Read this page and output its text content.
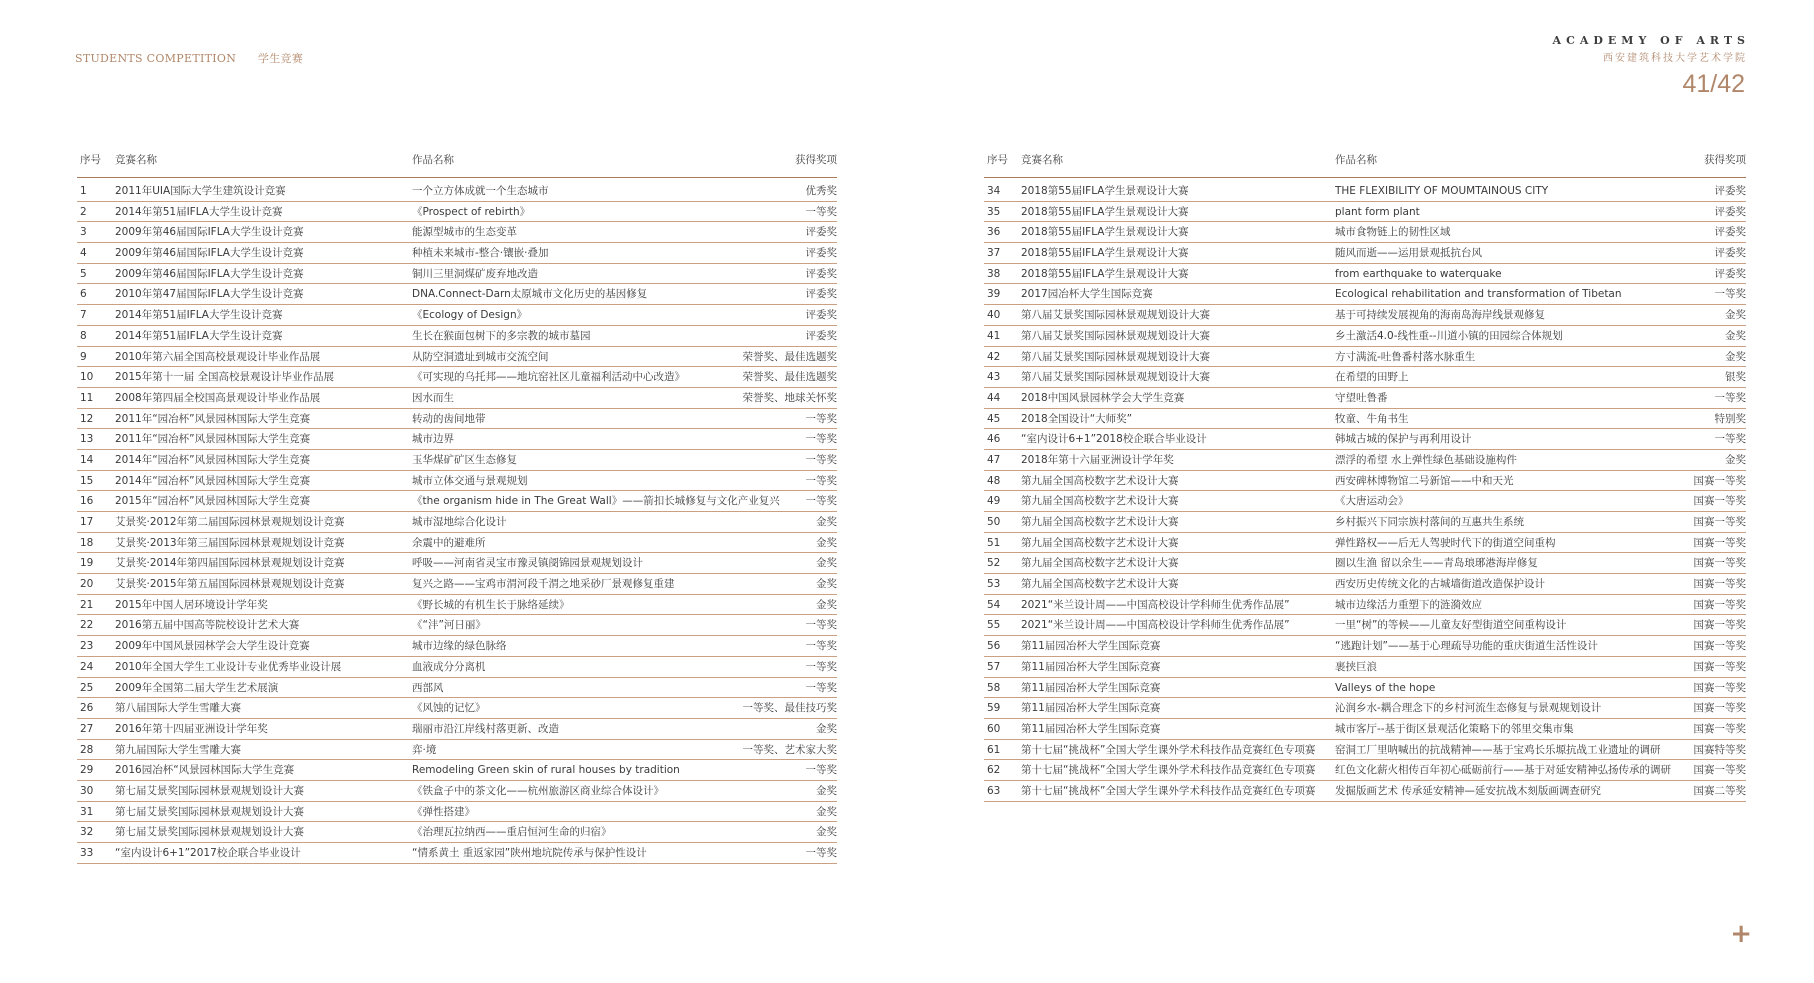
STUDENTS COMPETITION 学生竞赛
ACADEMY OF ARTS
西安建筑科技大学艺术学院
41/42
序号	竞赛名称	作品名称	获得奖项
1	2011年UIA国际大学生建筑设计竞赛	一个立方体成就一个生态城市	优秀奖
2	2014年第51届IFLA大学生设计竞赛	《Prospect of rebirth》	一等奖
3	2009年第46届国际IFLA大学生设计竞赛	能源型城市的生态变革	评委奖
4	2009年第46届国际IFLA大学生设计竞赛	种植未来城市-整合·镶嵌·叠加	评委奖
5	2009年第46届国际IFLA大学生设计竞赛	铜川三里洞煤矿废弃地改造	评委奖
6	2010年第47届国际IFLA大学生设计竞赛	DNA.Connect-Darn太原城市文化历史的基因修复	评委奖
7	2014年第51届IFLA大学生设计竞赛	《Ecology of Design》	评委奖
8	2014年第51届IFLA大学生设计竞赛	生长在猴面包树下的多宗教的城市墓园	评委奖
9	2010年第六届全国高校景观设计毕业作品展	从防空洞遗址到城市交流空间	荣誉奖、最佳选题奖
10	2015年第十一届 全国高校景观设计毕业作品展	《可实现的乌托邦——地坑窑社区儿童福利活动中心改造》	荣誉奖、最佳选题奖
11	2008年第四届全校国高景观设计毕业作品展	因水而生	荣誉奖、地球关怀奖
12	2011年“园冶杯”风景园林国际大学生竞赛	转动的齿间地带	一等奖
13	2011年“园冶杯”风景园林国际大学生竞赛	城市边界	一等奖
14	2014年“园冶杯”风景园林国际大学生竞赛	玉华煤矿矿区生态修复	一等奖
15	2014年“园冶杯”风景园林国际大学生竞赛	城市立体交通与景观规划	一等奖
16	2015年“园冶杯”风景园林国际大学生竞赛	《the organism hide in The Great Wall》——箭扣长城修复与文化产业复兴	一等奖
17	艾景奖·2012年第二届国际园林景观规划设计竞赛	城市湿地综合化设计	金奖
18	艾景奖·2013年第三届国际园林景观规划设计竞赛	余震中的避难所	金奖
19	艾景奖·2014年第四届国际园林景观规划设计竞赛	呼吸——河南省灵宝市豫灵镇阌锦园景观规划设计	金奖
20	艾景奖·2015年第五届国际园林景观规划设计竞赛	复兴之路——宝鸡市渭河段千渭之地采砂厂景观修复重建	金奖
21	2015年中国人居环境设计学年奖	《野长城的有机生长于脉络延续》	金奖
22	2016第五届中国高等院校设计艺术大赛	《“沣”河日丽》	一等奖
23	2009年中国风景园林学会大学生设计竞赛	城市边缘的绿色脉络	一等奖
24	2010年全国大学生工业设计专业优秀毕业设计展	血液成分分离机	一等奖
25	2009年全国第二届大学生艺术展演	西部风	一等奖
26	第八届国际大学生雪雕大赛	《风蚀的记忆》	一等奖、最佳技巧奖
27	2016年第十四届亚洲设计学年奖	瑞丽市沿江岸线村落更新、改造	金奖
28	第九届国际大学生雪雕大赛	弈·境	一等奖、艺术家大奖
29	2016园冶杯“风景园林国际大学生竞赛	Remodeling Green skin of rural houses by tradition	一等奖
30	第七届艾景奖国际园林景观规划设计大赛	《铁盒子中的茶文化——杭州旅游区商业综合体设计》	金奖
31	第七届艾景奖国际园林景观规划设计大赛	《弹性搭建》	金奖
32	第七届艾景奖国际园林景观规划设计大赛	《治理瓦拉纳西——重启恒河生命的归宿》	金奖
33	“室内设计6+1”2017校企联合毕业设计	“情系黄土 重返家园”陕州地坑院传承与保护性设计	一等奖
序号	竞赛名称	作品名称	获得奖项
34	2018第55届IFLA学生景观设计大赛	THE FLEXIBILITY OF MOUMTAINOUS CITY	评委奖
35	2018第55届IFLA学生景观设计大赛	plant form plant	评委奖
36	2018第55届IFLA学生景观设计大赛	城市食物链上的韧性区域	评委奖
37	2018第55届IFLA学生景观设计大赛	随风而逝——运用景观抵抗台风	评委奖
38	2018第55届IFLA学生景观设计大赛	from earthquake to waterquake	评委奖
39	2017园冶杯大学生国际竞赛	Ecological rehabilitation and transformation of Tibetan	一等奖
40	第八届艾景奖国际园林景观规划设计大赛	基于可持续发展视角的海南岛海岸线景观修复	金奖
41	第八届艾景奖国际园林景观规划设计大赛	乡土激活4.0-线性重--川道小镇的田园综合体规划	金奖
42	第八届艾景奖国际园林景观规划设计大赛	方寸满流-吐鲁番村落水脉重生	金奖
43	第八届艾景奖国际园林景观规划设计大赛	在希望的田野上	银奖
44	2018中国风景园林学会大学生竞赛	守望吐鲁番	一等奖
45	2018全国设计“大师奖”	牧童、牛角书生	特别奖
46	“室内设计6+1”2018校企联合毕业设计	韩城古城的保护与再利用设计	一等奖
47	2018年第十六届亚洲设计学年奖	漂浮的希望 水上弹性绿色基础设施构件	金奖
48	第九届全国高校数字艺术设计大赛	西安碑林博物馆二号新馆——中和天光	国赛一等奖
49	第九届全国高校数字艺术设计大赛	《大唐运动会》	国赛一等奖
50	第九届全国高校数字艺术设计大赛	乡村振兴下同宗族村落间的互惠共生系统	国赛一等奖
51	第九届全国高校数字艺术设计大赛	弹性路权——后无人驾驶时代下的街道空间重构	国赛一等奖
52	第九届全国高校数字艺术设计大赛	圈以生渔 留以余生——青岛琅琊港海岸修复	国赛一等奖
53	第九届全国高校数字艺术设计大赛	西安历史传统文化的古城墙街道改造保护设计	国赛一等奖
54	2021“米兰设计周——中国高校设计学科师生优秀作品展”	城市边缘活力重塑下的涟漪效应	国赛一等奖
55	2021“米兰设计周——中国高校设计学科师生优秀作品展”	一里“树”的等候——儿童友好型街道空间重构设计	国赛一等奖
56	第11届园冶杯大学生国际竞赛	“逃跑计划”——基于心理疏导功能的重庆街道生活性设计	国赛一等奖
57	第11届园冶杯大学生国际竞赛	裹挟巨浪	国赛一等奖
58	第11届园冶杯大学生国际竞赛	Valleys of the hope	国赛一等奖
59	第11届园冶杯大学生国际竞赛	沁润乡水-耦合理念下的乡村河流生态修复与景观规划设计	国赛一等奖
60	第11届园冶杯大学生国际竞赛	城市客厅--基于街区景观活化策略下的邻里交集市集	国赛一等奖
61	第十七届“挑战杯”全国大学生课外学术科技作品竞赛红色专项赛	窑洞工厂里呐喊出的抗战精神——基于宝鸡长乐塬抗战工业遗址的调研	国赛特等奖
62	第十七届“挑战杯”全国大学生课外学术科技作品竞赛红色专项赛	红色文化薪火相传百年初心砥砺前行——基于对延安精神弘扬传承的调研	国赛一等奖
63	第十七届“挑战杯”全国大学生课外学术科技作品竞赛红色专项赛	发掘版画艺术 传承延安精神—延安抗战木刻版画调查研究	国赛二等奖
+
